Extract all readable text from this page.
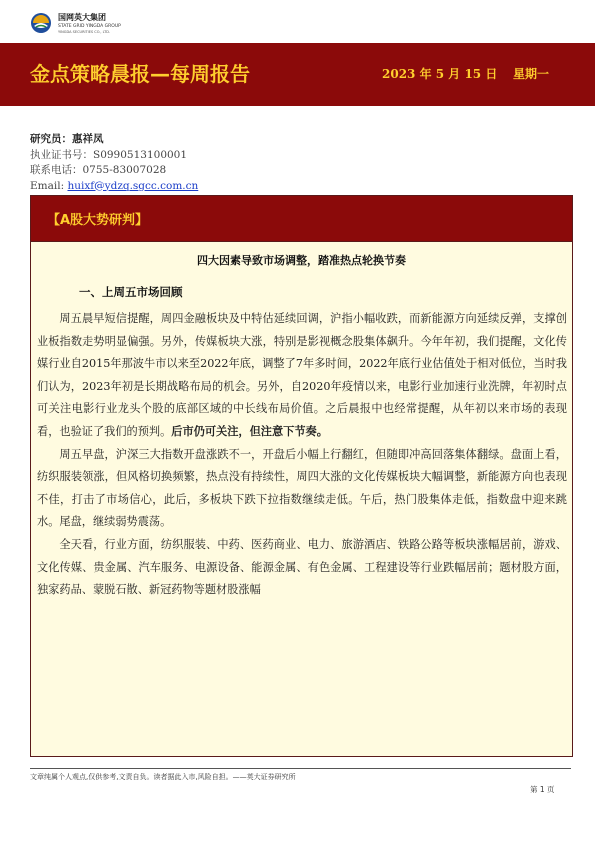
国网英大集团
STATE GRID YINGDA GROUP
YINGDA SECURITIES CO., LTD.
金点策略晨报—每周报告	2023 年 5 月 15 日 星期一
研究员：惠祥凤
执业证书号：S0990513100001
联系电话：0755-83007028
Email: huixf@ydzq.sgcc.com.cn
【A股大势研判】
四大因素导致市场调整，踏准热点轮换节奏
一、上周五市场回顾

周五晨早短信提醒，周四金融板块及中特估延续回调，沪指小幅收跌，而新能源方向延续反弹，支撑创业板指数走势明显偏强。另外，传媒板块大涨，特别是影视概念股集体飙升。今年年初，我们提醒，文化传媒行业自2015年那波牛市以来至2022年底，调整了7年多时间，2022年底行业估值处于相对低位，当时我们认为，2023年初是长期战略布局的机会。另外，自2020年疫情以来，电影行业加速行业洗牌，年初时点可关注电影行业龙头个股的底部区域的中长线布局价值。之后晨报中也经常提醒，从年初以来市场的表现看，也验证了我们的预判。后市仍可关注，但注意下节奏。

周五早盘，沪深三大指数开盘涨跌不一，开盘后小幅上行翻红，但随即冲高回落集体翻绿。盘面上看，纺织服装领涨，但风格切换频繁，热点没有持续性，周四大涨的文化传媒板块大幅调整，新能源方向也表现不佳，打击了市场信心，此后，多板块下跌下拉指数继续走低。午后，热门股集体走低，指数盘中迎来跳水。尾盘，继续弱势震荡。

全天看，行业方面，纺织服装、中药、医药商业、电力、旅游酒店、铁路公路等板块涨幅居前，游戏、文化传媒、贵金属、汽车服务、电源设备、能源金属、有色金属、工程建设等行业跌幅居前；题材股方面，独家药品、蒙脱石散、新冠药物等题材股涨幅

文章纯属个人观点,仅供参考,文责自负。读者据此入市,风险自担。——英大证券研究所
第 1 页
